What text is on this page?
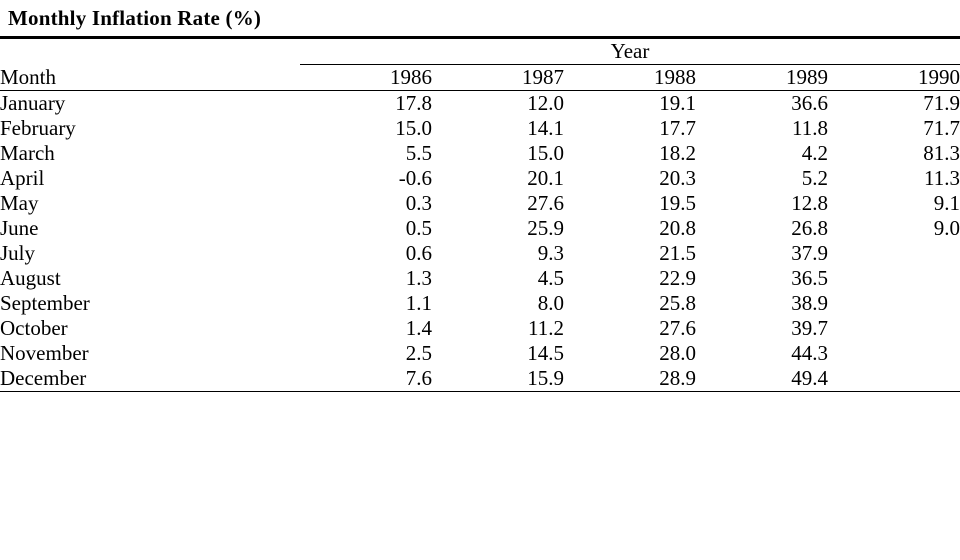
Monthly Inflation Rate (%)

	Year				
Month	1986	1987	1988	1989	1990

January	17.8	12.0	19.1	36.6	71.9
February	15.0	14.1	17.7	11.8	71.7
March	5.5	15.0	18.2	4.2	81.3
April	-0.6	20.1	20.3	5.2	11.3
May	0.3	27.6	19.5	12.8	9.1
June	0.5	25.9	20.8	26.8	9.0
July	0.6	9.3	21.5	37.9	
August	1.3	4.5	22.9	36.5	
September	1.1	8.0	25.8	38.9	
October	1.4	11.2	27.6	39.7	
November	2.5	14.5	28.0	44.3	
December	7.6	15.9	28.9	49.4	
